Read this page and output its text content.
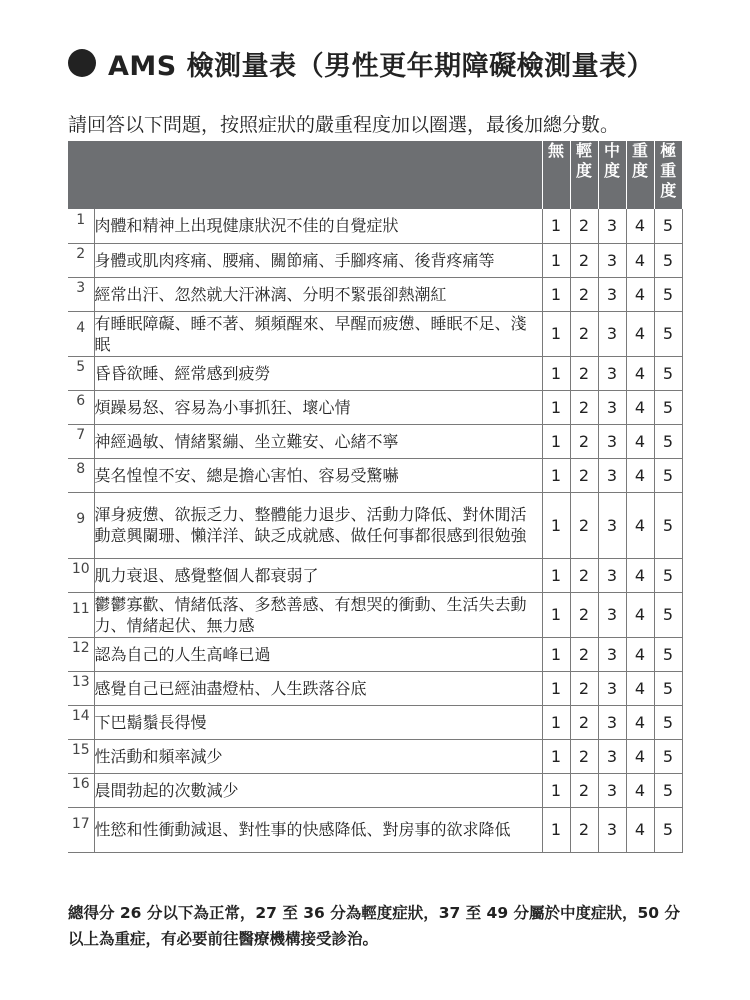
AMS 檢測量表（男性更年期障礙檢測量表）
請回答以下問題，按照症狀的嚴重程度加以圈選，最後加總分數。
		無	輕度	中度	重度	極重度
1	肉體和精神上出現健康狀況不佳的自覺症狀	1	2	3	4	5
2	身體或肌肉疼痛、腰痛、關節痛、手腳疼痛、後背疼痛等	1	2	3	4	5
3	經常出汗、忽然就大汗淋漓、分明不緊張卻熱潮紅	1	2	3	4	5
4	有睡眠障礙、睡不著、頻頻醒來、早醒而疲憊、睡眠不足、淺眠	1	2	3	4	5
5	昏昏欲睡、經常感到疲勞	1	2	3	4	5
6	煩躁易怒、容易為小事抓狂、壞心情	1	2	3	4	5
7	神經過敏、情緒緊繃、坐立難安、心緒不寧	1	2	3	4	5
8	莫名惶惶不安、總是擔心害怕、容易受驚嚇	1	2	3	4	5
9	渾身疲憊、欲振乏力、整體能力退步、活動力降低、對休閒活動意興闌珊、懶洋洋、缺乏成就感、做任何事都很感到很勉強	1	2	3	4	5
10	肌力衰退、感覺整個人都衰弱了	1	2	3	4	5
11	鬱鬱寡歡、情緒低落、多愁善感、有想哭的衝動、生活失去動力、情緒起伏、無力感	1	2	3	4	5
12	認為自己的人生高峰已過	1	2	3	4	5
13	感覺自己已經油盡燈枯、人生跌落谷底	1	2	3	4	5
14	下巴鬍鬚長得慢	1	2	3	4	5
15	性活動和頻率減少	1	2	3	4	5
16	晨間勃起的次數減少	1	2	3	4	5
17	性慾和性衝動減退、對性事的快感降低、對房事的欲求降低	1	2	3	4	5
總得分 26 分以下為正常，27 至 36 分為輕度症狀，37 至 49 分屬於中度症狀，50 分以上為重症，有必要前往醫療機構接受診治。
